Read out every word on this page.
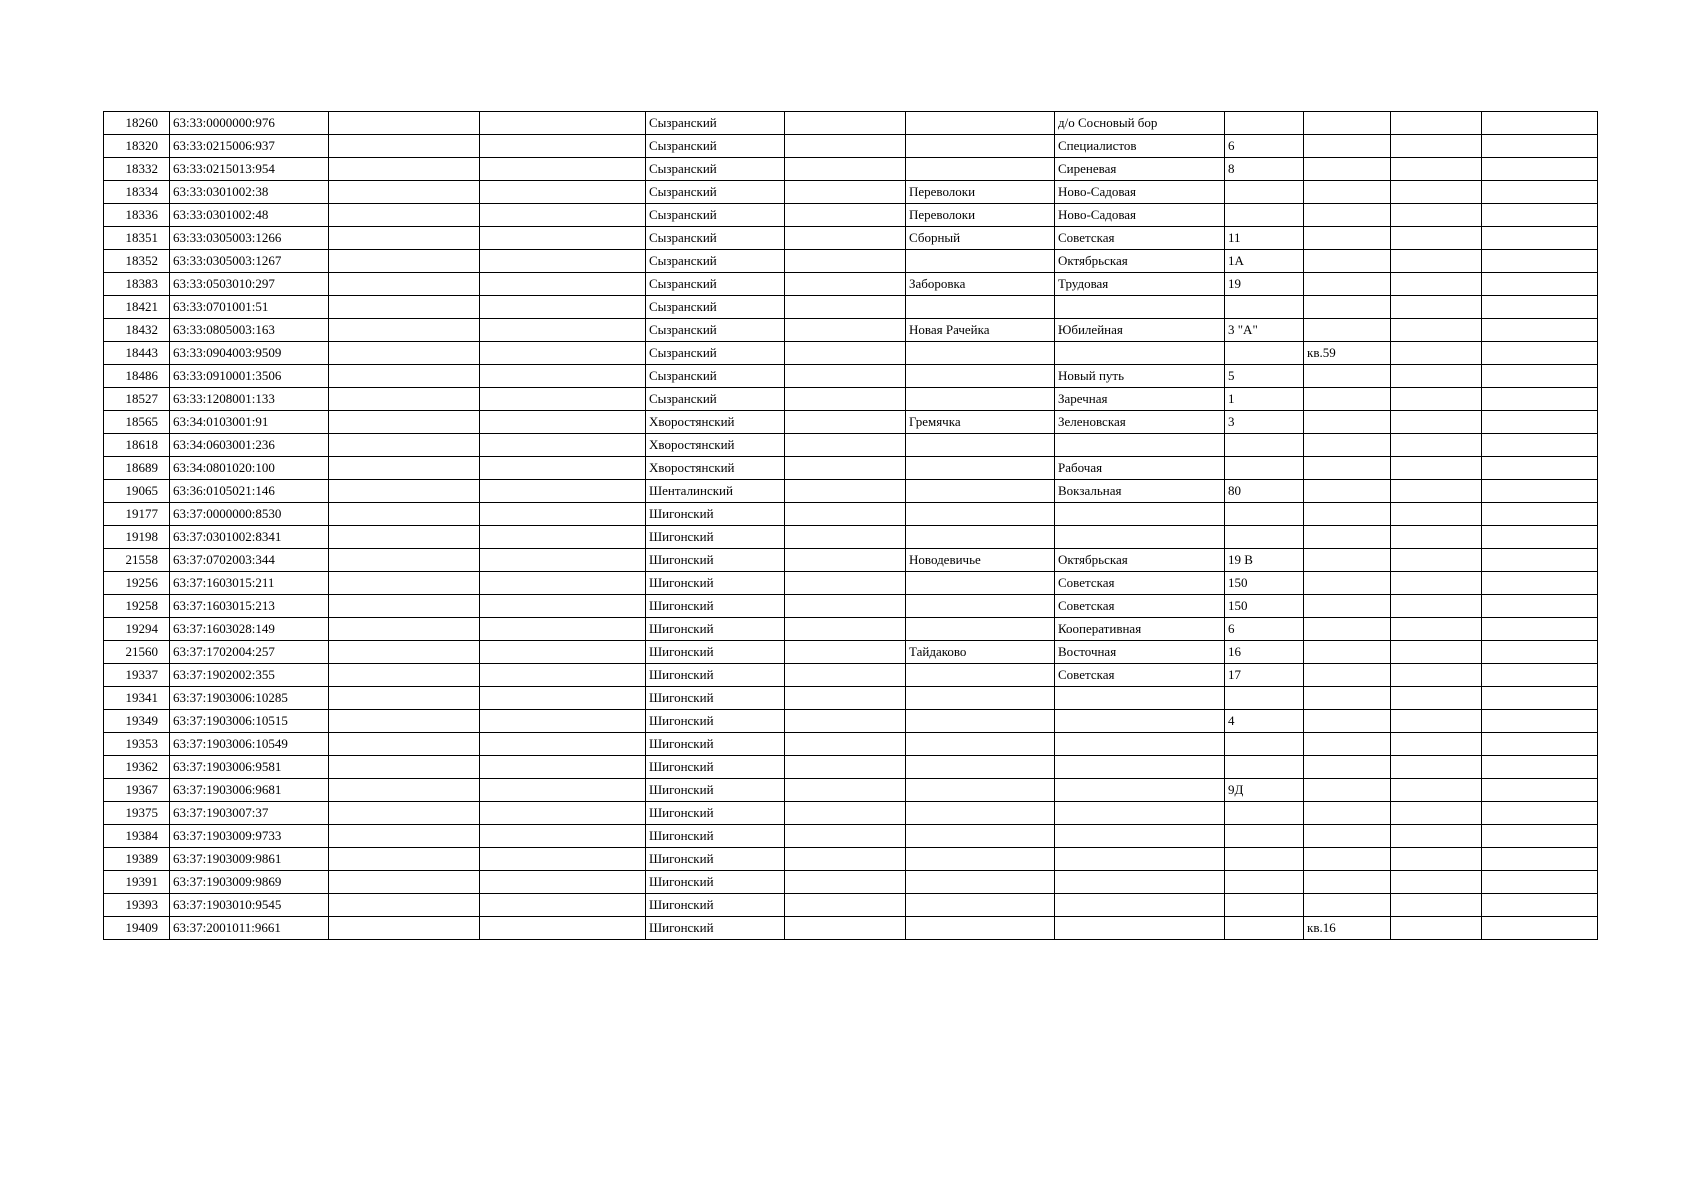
18260	63:33:0000000:976			Сызранский			д/о Сосновый бор				
18320	63:33:0215006:937			Сызранский			Специалистов	6			
18332	63:33:0215013:954			Сызранский			Сиреневая	8			
18334	63:33:0301002:38			Сызранский		Переволоки	Ново-Садовая				
18336	63:33:0301002:48			Сызранский		Переволоки	Ново-Садовая				
18351	63:33:0305003:1266			Сызранский		Сборный	Советская	11			
18352	63:33:0305003:1267			Сызранский			Октябрьская	1А			
18383	63:33:0503010:297			Сызранский		Заборовка	Трудовая	19			
18421	63:33:0701001:51			Сызранский							
18432	63:33:0805003:163			Сызранский		Новая Рачейка	Юбилейная	3 "А"			
18443	63:33:0904003:9509			Сызранский					кв.59		
18486	63:33:0910001:3506			Сызранский			Новый путь	5			
18527	63:33:1208001:133			Сызранский			Заречная	1			
18565	63:34:0103001:91			Хворостянский		Гремячка	Зеленовская	3			
18618	63:34:0603001:236			Хворостянский							
18689	63:34:0801020:100			Хворостянский			Рабочая				
19065	63:36:0105021:146			Шенталинский			Вокзальная	80			
19177	63:37:0000000:8530			Шигонский							
19198	63:37:0301002:8341			Шигонский							
21558	63:37:0702003:344			Шигонский		Новодевичье	Октябрьская	19 В			
19256	63:37:1603015:211			Шигонский			Советская	150			
19258	63:37:1603015:213			Шигонский			Советская	150			
19294	63:37:1603028:149			Шигонский			Кооперативная	6			
21560	63:37:1702004:257			Шигонский		Тайдаково	Восточная	16			
19337	63:37:1902002:355			Шигонский			Советская	17			
19341	63:37:1903006:10285			Шигонский							
19349	63:37:1903006:10515			Шигонский				4			
19353	63:37:1903006:10549			Шигонский							
19362	63:37:1903006:9581			Шигонский							
19367	63:37:1903006:9681			Шигонский				9Д			
19375	63:37:1903007:37			Шигонский							
19384	63:37:1903009:9733			Шигонский							
19389	63:37:1903009:9861			Шигонский							
19391	63:37:1903009:9869			Шигонский							
19393	63:37:1903010:9545			Шигонский							
19409	63:37:2001011:9661			Шигонский					кв.16		
